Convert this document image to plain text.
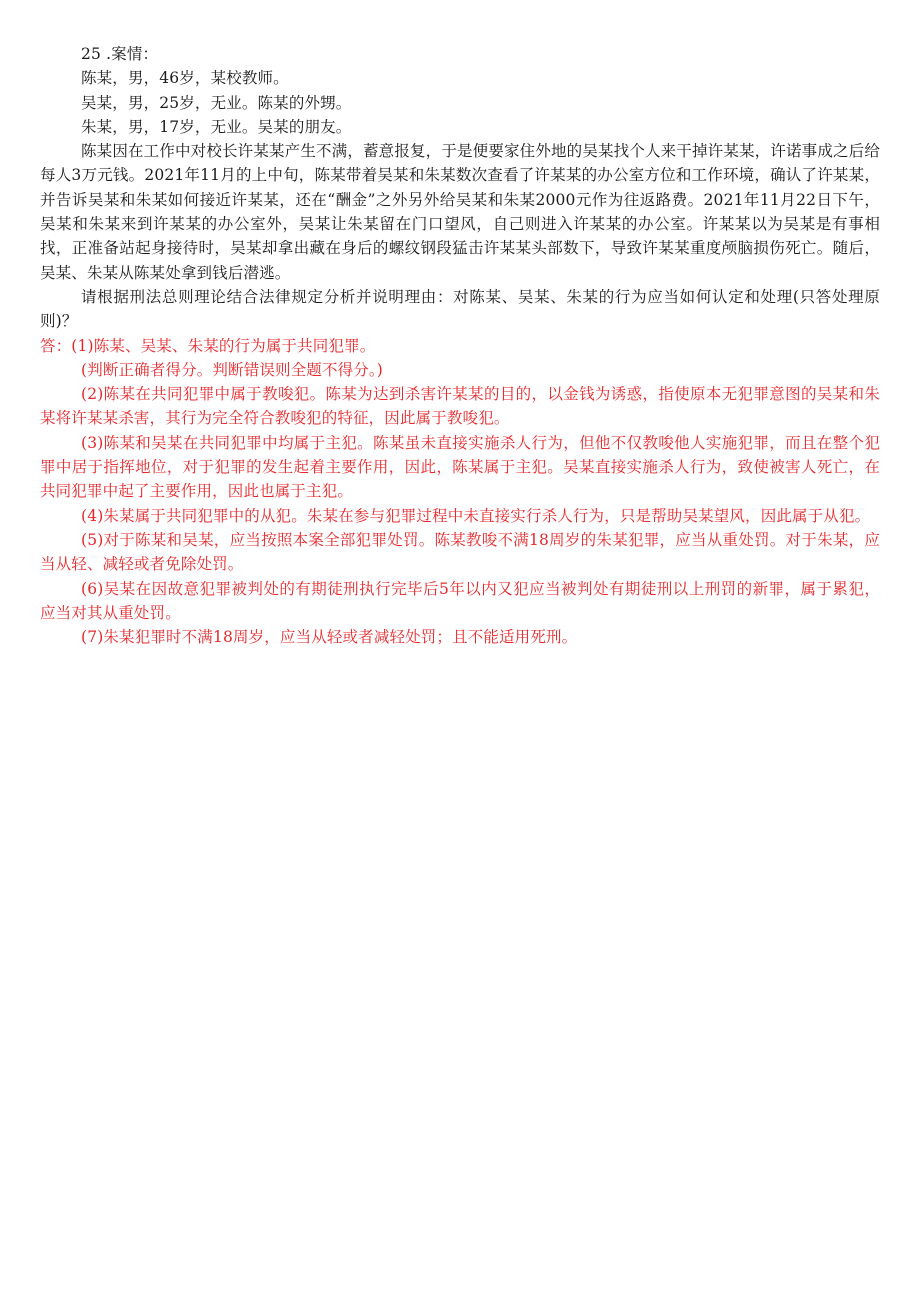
25 .案情：

陈某，男，46岁，某校教师。

吴某，男，25岁，无业。陈某的外甥。

朱某，男，17岁，无业。吴某的朋友。

陈某因在工作中对校长许某某产生不满，蓄意报复，于是便要家住外地的吴某找个人来干掉许某某，许诺事成之后给每人3万元钱。2021年11月的上中旬，陈某带着吴某和朱某数次查看了许某某的办公室方位和工作环境，确认了许某某，并告诉吴某和朱某如何接近许某某，还在“酬金”之外另外给吴某和朱某2000元作为往返路费。2021年11月22日下午，吴某和朱某来到许某某的办公室外，吴某让朱某留在门口望风，自己则进入许某某的办公室。许某某以为吴某是有事相找，正准备站起身接待时，吴某却拿出藏在身后的螺纹钢段猛击许某某头部数下，导致许某某重度颅脑损伤死亡。随后，吴某、朱某从陈某处拿到钱后潜逃。

请根据刑法总则理论结合法律规定分析并说明理由：对陈某、吴某、朱某的行为应当如何认定和处理(只答处理原则)？

答：(1)陈某、吴某、朱某的行为属于共同犯罪。

(判断正确者得分。判断错误则全题不得分。)

(2)陈某在共同犯罪中属于教唆犯。陈某为达到杀害许某某的目的，以金钱为诱惑，指使原本无犯罪意图的吴某和朱某将许某某杀害，其行为完全符合教唆犯的特征，因此属于教唆犯。

(3)陈某和吴某在共同犯罪中均属于主犯。陈某虽未直接实施杀人行为，但他不仅教唆他人实施犯罪，而且在整个犯罪中居于指挥地位，对于犯罪的发生起着主要作用，因此，陈某属于主犯。吴某直接实施杀人行为，致使被害人死亡，在共同犯罪中起了主要作用，因此也属于主犯。

(4)朱某属于共同犯罪中的从犯。朱某在参与犯罪过程中未直接实行杀人行为，只是帮助吴某望风，因此属于从犯。

(5)对于陈某和吴某，应当按照本案全部犯罪处罚。陈某教唆不满18周岁的朱某犯罪，应当从重处罚。对于朱某，应当从轻、减轻或者免除处罚。

(6)吴某在因故意犯罪被判处的有期徒刑执行完毕后5年以内又犯应当被判处有期徒刑以上刑罚的新罪，属于累犯，应当对其从重处罚。

(7)朱某犯罪时不满18周岁，应当从轻或者减轻处罚；且不能适用死刑。
